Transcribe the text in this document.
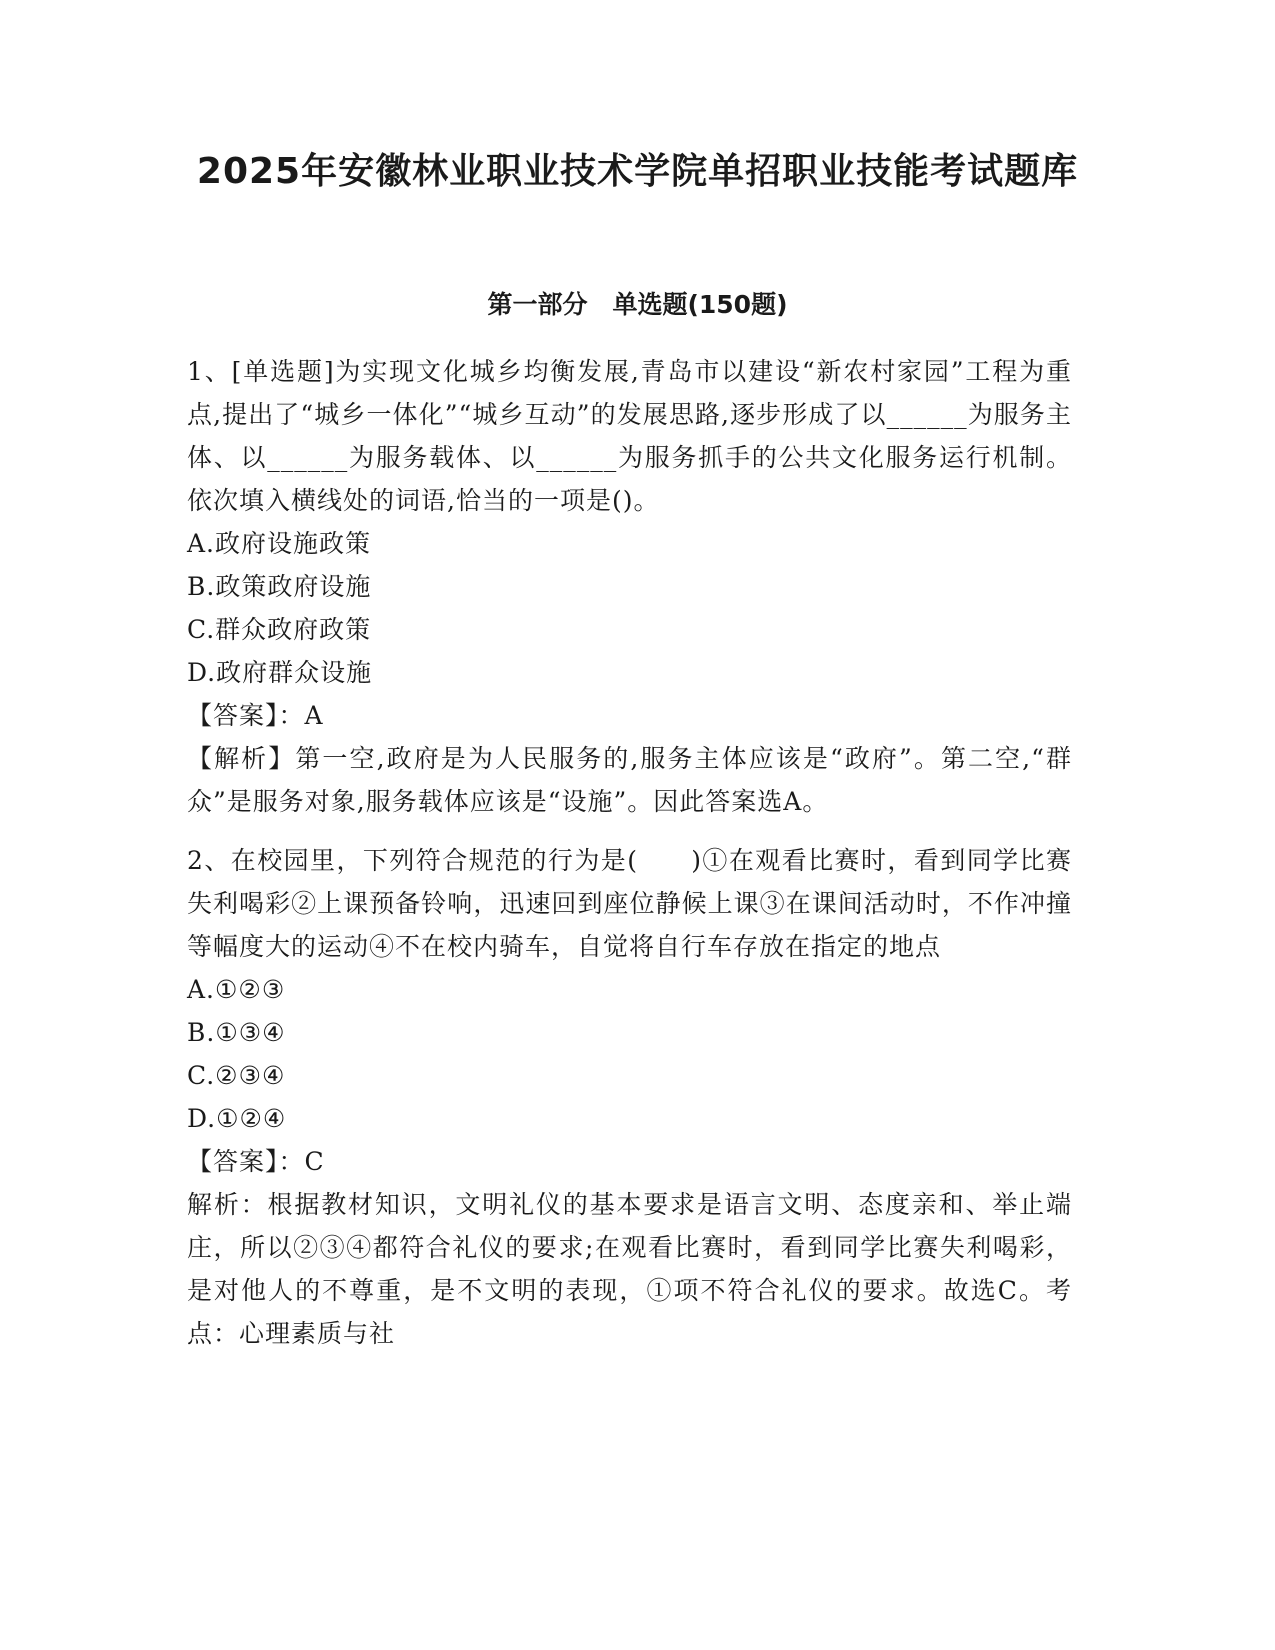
2025年安徽林业职业技术学院单招职业技能考试题库
第一部分　单选题(150题)

1、[单选题]为实现文化城乡均衡发展,青岛市以建设“新农村家园”工程为重点,提出了“城乡一体化”“城乡互动”的发展思路,逐步形成了以______为服务主体、以______为服务载体、以______为服务抓手的公共文化服务运行机制。依次填入横线处的词语,恰当的一项是()。

A.政府设施政策

B.政策政府设施

C.群众政府政策

D.政府群众设施

【答案】：A

【解析】第一空,政府是为人民服务的,服务主体应该是“政府”。第二空,“群众”是服务对象,服务载体应该是“设施”。因此答案选A。

2、在校园里，下列符合规范的行为是(　　)①在观看比赛时，看到同学比赛失利喝彩②上课预备铃响，迅速回到座位静候上课③在课间活动时，不作冲撞等幅度大的运动④不在校内骑车，自觉将自行车存放在指定的地点

A.①②③

B.①③④

C.②③④

D.①②④

【答案】：C

解析：根据教材知识，文明礼仪的基本要求是语言文明、态度亲和、举止端庄，所以②③④都符合礼仪的要求;在观看比赛时，看到同学比赛失利喝彩，是对他人的不尊重，是不文明的表现，①项不符合礼仪的要求。故选C。考点：心理素质与社
